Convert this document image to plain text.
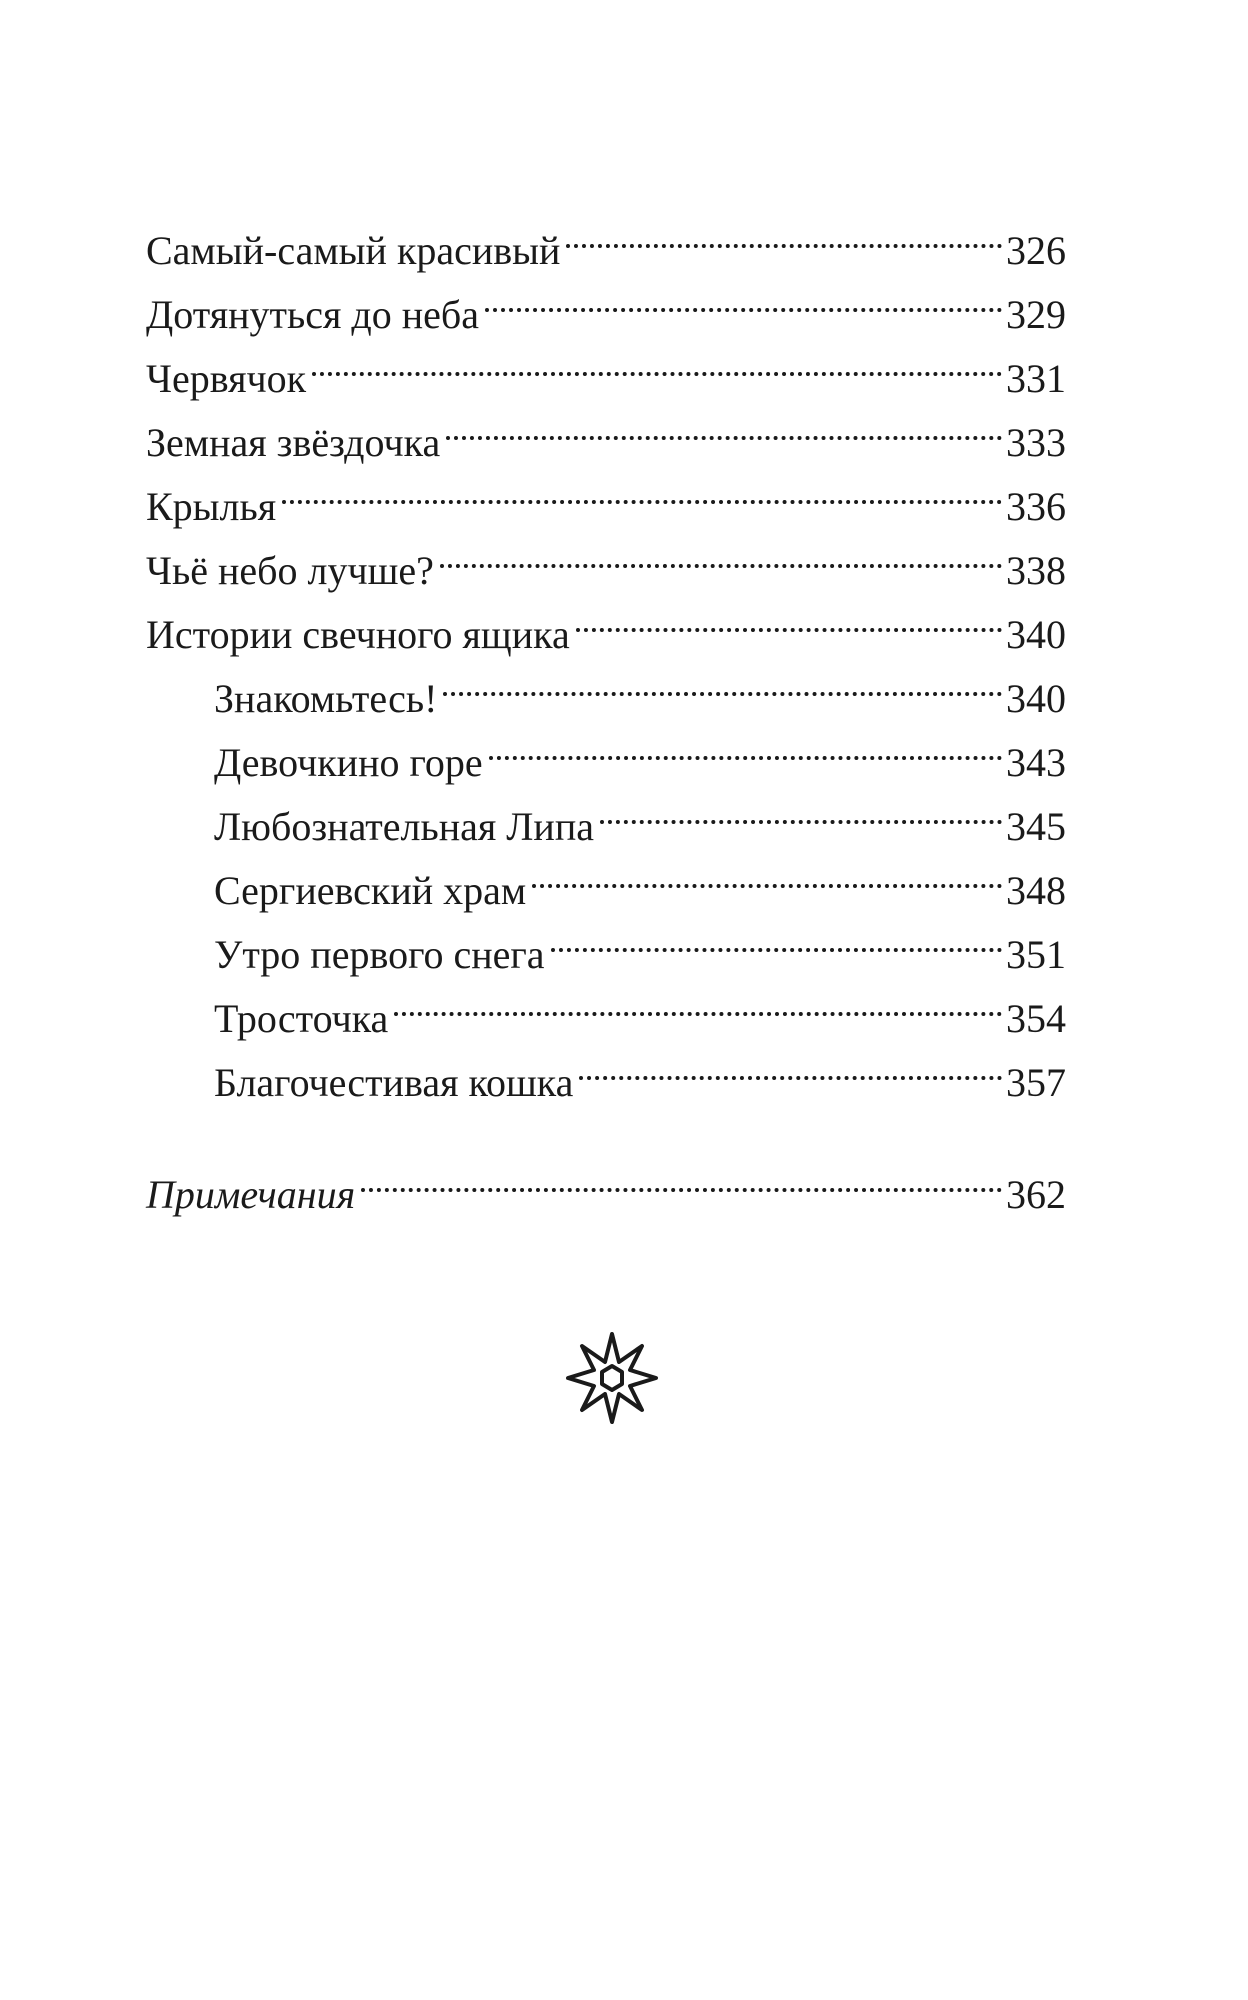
Самый-самый красивый	326
Дотянуться до неба	329
Червячок	331
Земная звёздочка	333
Крылья	336
Чьё небо лучше?	338
Истории свечного ящика	340
Знакомьтесь!	340
Девочкино горе	343
Любознательная Липа	345
Сергиевский храм	348
Утро первого снега	351
Тросточка	354
Благочестивая кошка	357
Примечания	362
